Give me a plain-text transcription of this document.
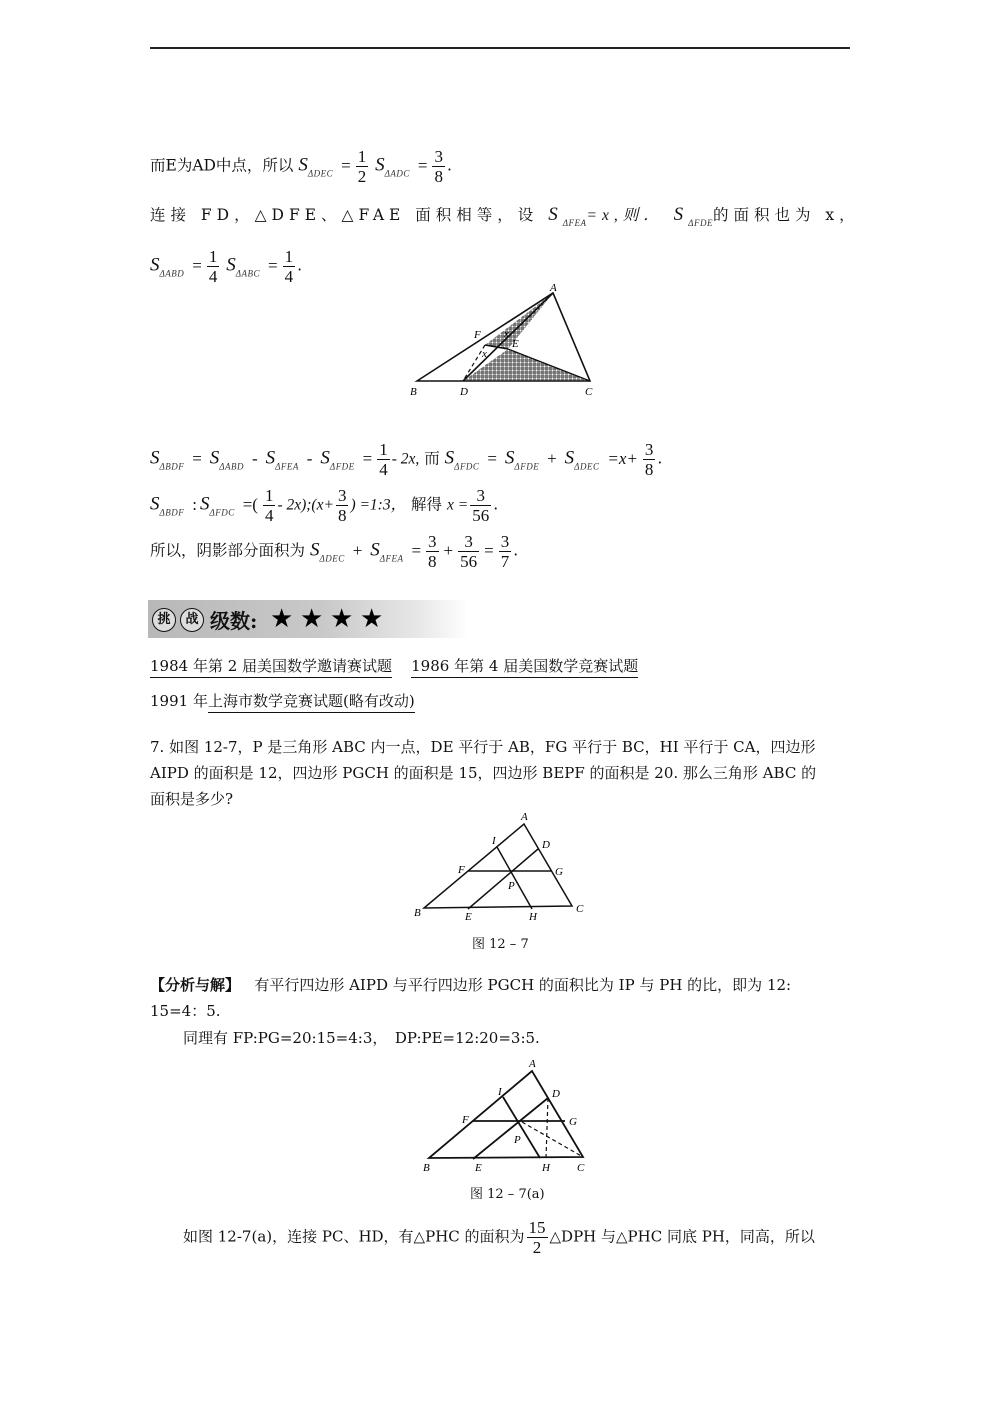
而E为AD中点，所以 $S_{\Delta DEC} = \frac{1}{2} S_{\Delta ADC} = \frac{3}{8}$ .
连接 FD，△DFE、△FAE 面积相等，设 $S_{\Delta FEA}=x$,则． $S_{\Delta FDE}$的面积也为 x，
$S_{\Delta ABD} = \frac{1}{4} S_{\Delta ABC} = \frac{1}{4}$ .
A
B	C
D
E
F x
x
$S_{\Delta BDF} = S_{\Delta ABD} - S_{\Delta FEA} - S_{\Delta FDE} = \frac{1}{4} - 2x$, 而 $S_{\Delta FDC} = S_{\Delta FDE} + S_{\Delta DEC} =x+ \frac{3}{8}$ .
$S_{\Delta BDF}$ : $S_{\Delta FDC}$ =( $\frac{1}{4}$ - 2x);(x+ $\frac{3}{8}$ ) =1:3， 解得 $x = \frac{3}{56}$ .
所以，阴影部分面积为 $S_{\Delta DEC} + S_{\Delta FEA} = \frac{3}{8} + \frac{3}{56} = \frac{3}{7}$ .
挑	战 级数: ★ ★ ★ ★
1984 年第 2 届美国数学邀请赛试题 1986 年第 4 届美国数学竞赛试题
1991 年上海市数学竞赛试题(略有改动)
7. 如图 12-7，P 是三角形 ABC 内一点，DE 平行于 AB，FG 平行于 BC，HI 平行于 CA，四边形
AIPD 的面积是 12，四边形 PGCH 的面积是 15，四边形 BEPF 的面积是 20. 那么三角形 ABC 的
面积是多少?
A
B	C
D
E
F	G
H
I
P
图 12 – 7
【分析与解】 有平行四边形 AIPD 与平行四边形 PGCH 的面积比为 IP 与 PH 的比，即为 12:
15=4：5.
同理有 FP:PG=20:15=4:3，　DP:PE=12:20=3:5.
A
B	C
D
E
F	G
H
I
P
图 12 – 7(a)
如图 12-7(a)，连接 PC、HD，有△PHC 的面积为 $\frac{15}{2}$ △DPH 与△PHC 同底 PH，同高，所以
